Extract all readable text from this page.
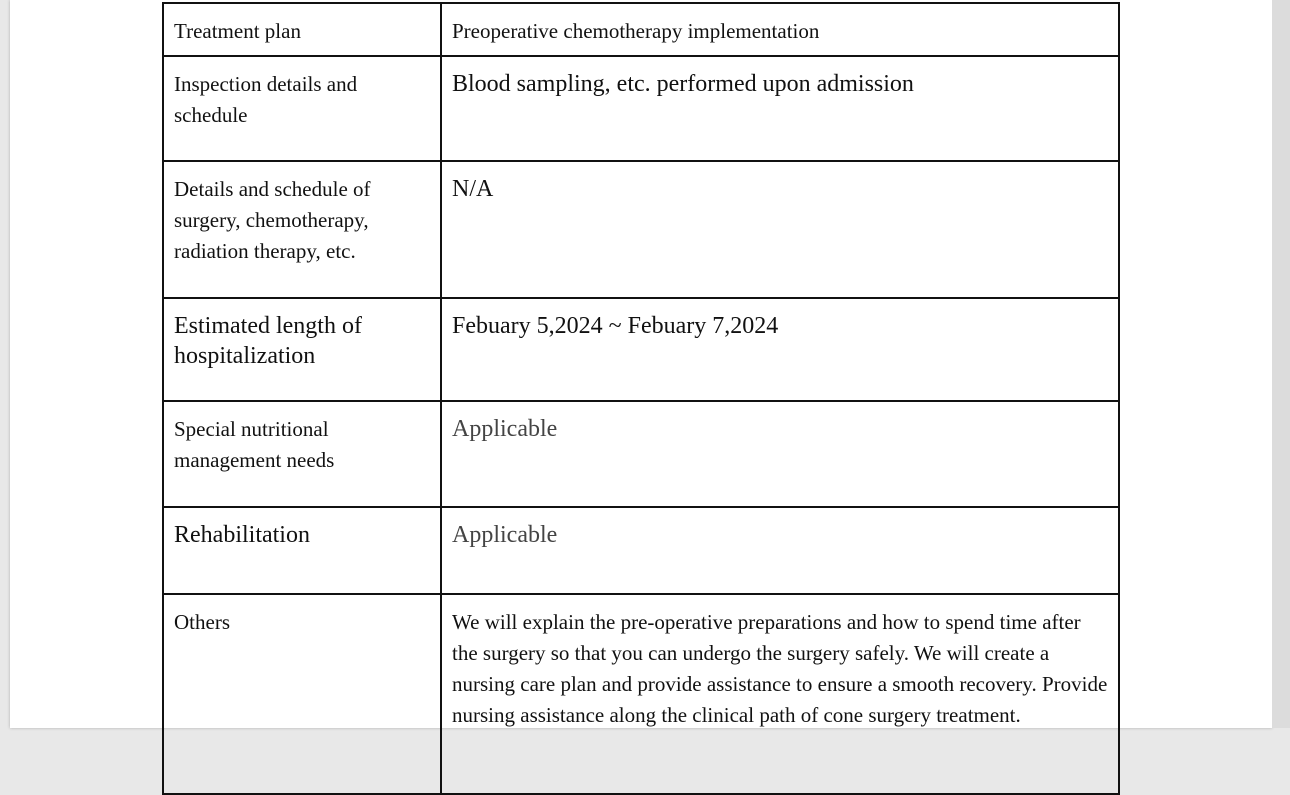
Treatment plan	Preoperative chemotherapy implementation
Inspection details and schedule	Blood sampling, etc. performed upon admission
Details and schedule of surgery, chemotherapy, radiation therapy, etc.	N/A
Estimated length of hospitalization	Febuary 5,2024 ~ Febuary 7,2024
Special nutritional management needs	Applicable
Rehabilitation	Applicable
Others	We will explain the pre-operative preparations and how to spend time after the surgery so that you can undergo the surgery safely. We will create a nursing care plan and provide assistance to ensure a smooth recovery. Provide nursing assistance along the clinical path of cone surgery treatment.
